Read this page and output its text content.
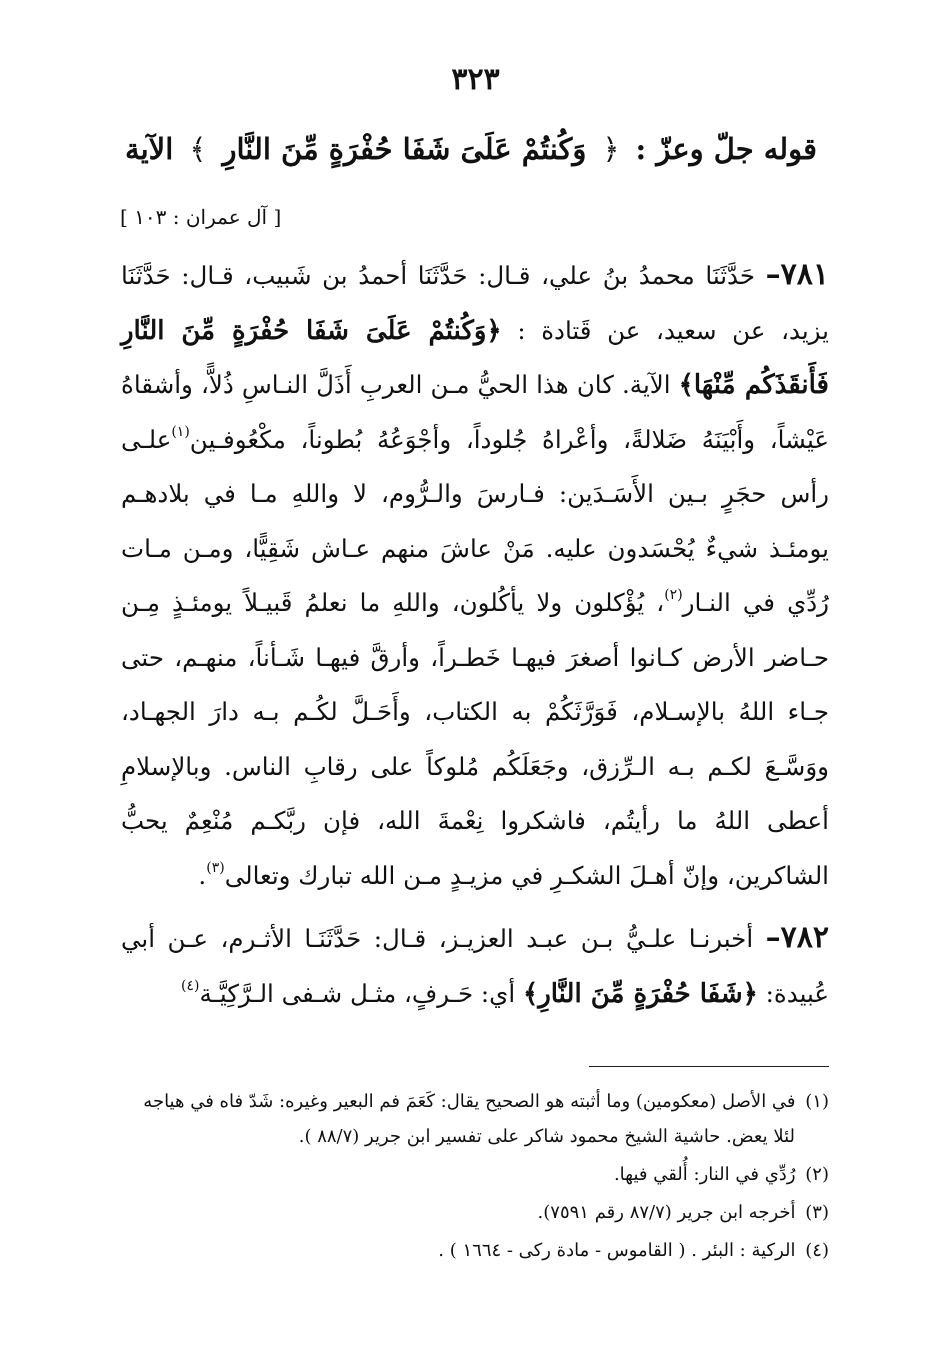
٣٢٣
قوله جلّ وعزّ : ﴿ وَكُنتُمْ عَلَىَ شَفَا حُفْرَةٍ مِّنَ النَّارِ ﴾ الآية
[ آل عمران : ١٠٣ ]

٧٨١– حَدَّثَنَا محمدُ بنُ علي، قـال: حَدَّثَنَا أحمدُ بن شَبيب، قـال: حَدَّثَنَا يزيد، عن سعيد، عن قَتادة : ﴿وَكُنتُمْ عَلَىَ شَفَا حُفْرَةٍ مِّنَ النَّارِ فَأَنقَذَكُم مِّنْهَا﴾ الآية. كان هذا الحيُّ مـن العربِ أَذَلَّ النـاسِ ذُلاًّ، وأشقاهُ عَيْشاً، وأَبْيَنَهُ ضَلالةً، وأعْراهُ جُلوداً، وأجْوَعُهُ بُطوناً، مكْعُوفـين$^{(١)}$علـى رأس حجَرٍ بـين الأَسَـدَين: فـارسَ والـرُّوم، لا واللهِ مـا في بلادهـم يومئـذ شيءٌ يُحْسَدون عليه. مَنْ عاشَ منهم عـاش شَقِيًّا، ومـن مـات رُدِّي في النـار$^{(٢)}$، يُؤْكلون ولا يأكُلون، واللهِ ما نعلمُ قَبيـلاً يومئـذٍ مِـن حـاضر الأرض كـانوا أصغرَ فيهـا خَطـراً، وأرقَّ فيهـا شَـأناً، منهـم، حتى جـاء اللهُ بالإسـلام، فَوَرَّثَكُمْ به الكتاب، وأَحَـلَّ لكُـم بـه دارَ الجهـاد، ووَسَّـعَ لكـم بـه الـرِّزق، وجَعَلَكُم مُلوكاً على رقابِ الناس. وبالإسلامِ أعطى اللهُ ما رأيتُم، فاشكروا نِعْمةَ الله، فإن ربَّكـم مُنْعِمٌ يحبُّ الشاكرين، وإنّ أهـلَ الشكـرِ في مزيـدٍ مـن الله تبارك وتعالى$^{(٣)}$.

٧٨٢– أخبرنـا علـيُّ بـن عبـد العزيـز، قـال: حَدَّثَنَـا الأثـرم، عـن أبي عُبيدة: ﴿شَفَا حُفْرَةٍ مِّنَ النَّارِ﴾ أي: حَـرفٍ، مثـل شـفى الـرَّكِيَّـة$^{(٤)}$

(١) في الأصل (معكومين) وما أثبته هو الصحيح يقال: كَعَمَ فم البعير وغيره: شَدّ فاه في هياجه
لئلا يعض. حاشية الشيخ محمود شاكر على تفسير ابن جرير (٨٨/٧ ).
(٢) رُدِّي في النار: أُلقي فيها.
(٣) أخرجه ابن جرير (٨٧/٧ رقم ٧٥٩١).
(٤) الركية : البئر . ( القاموس - مادة ركى - ١٦٦٤ ) .
